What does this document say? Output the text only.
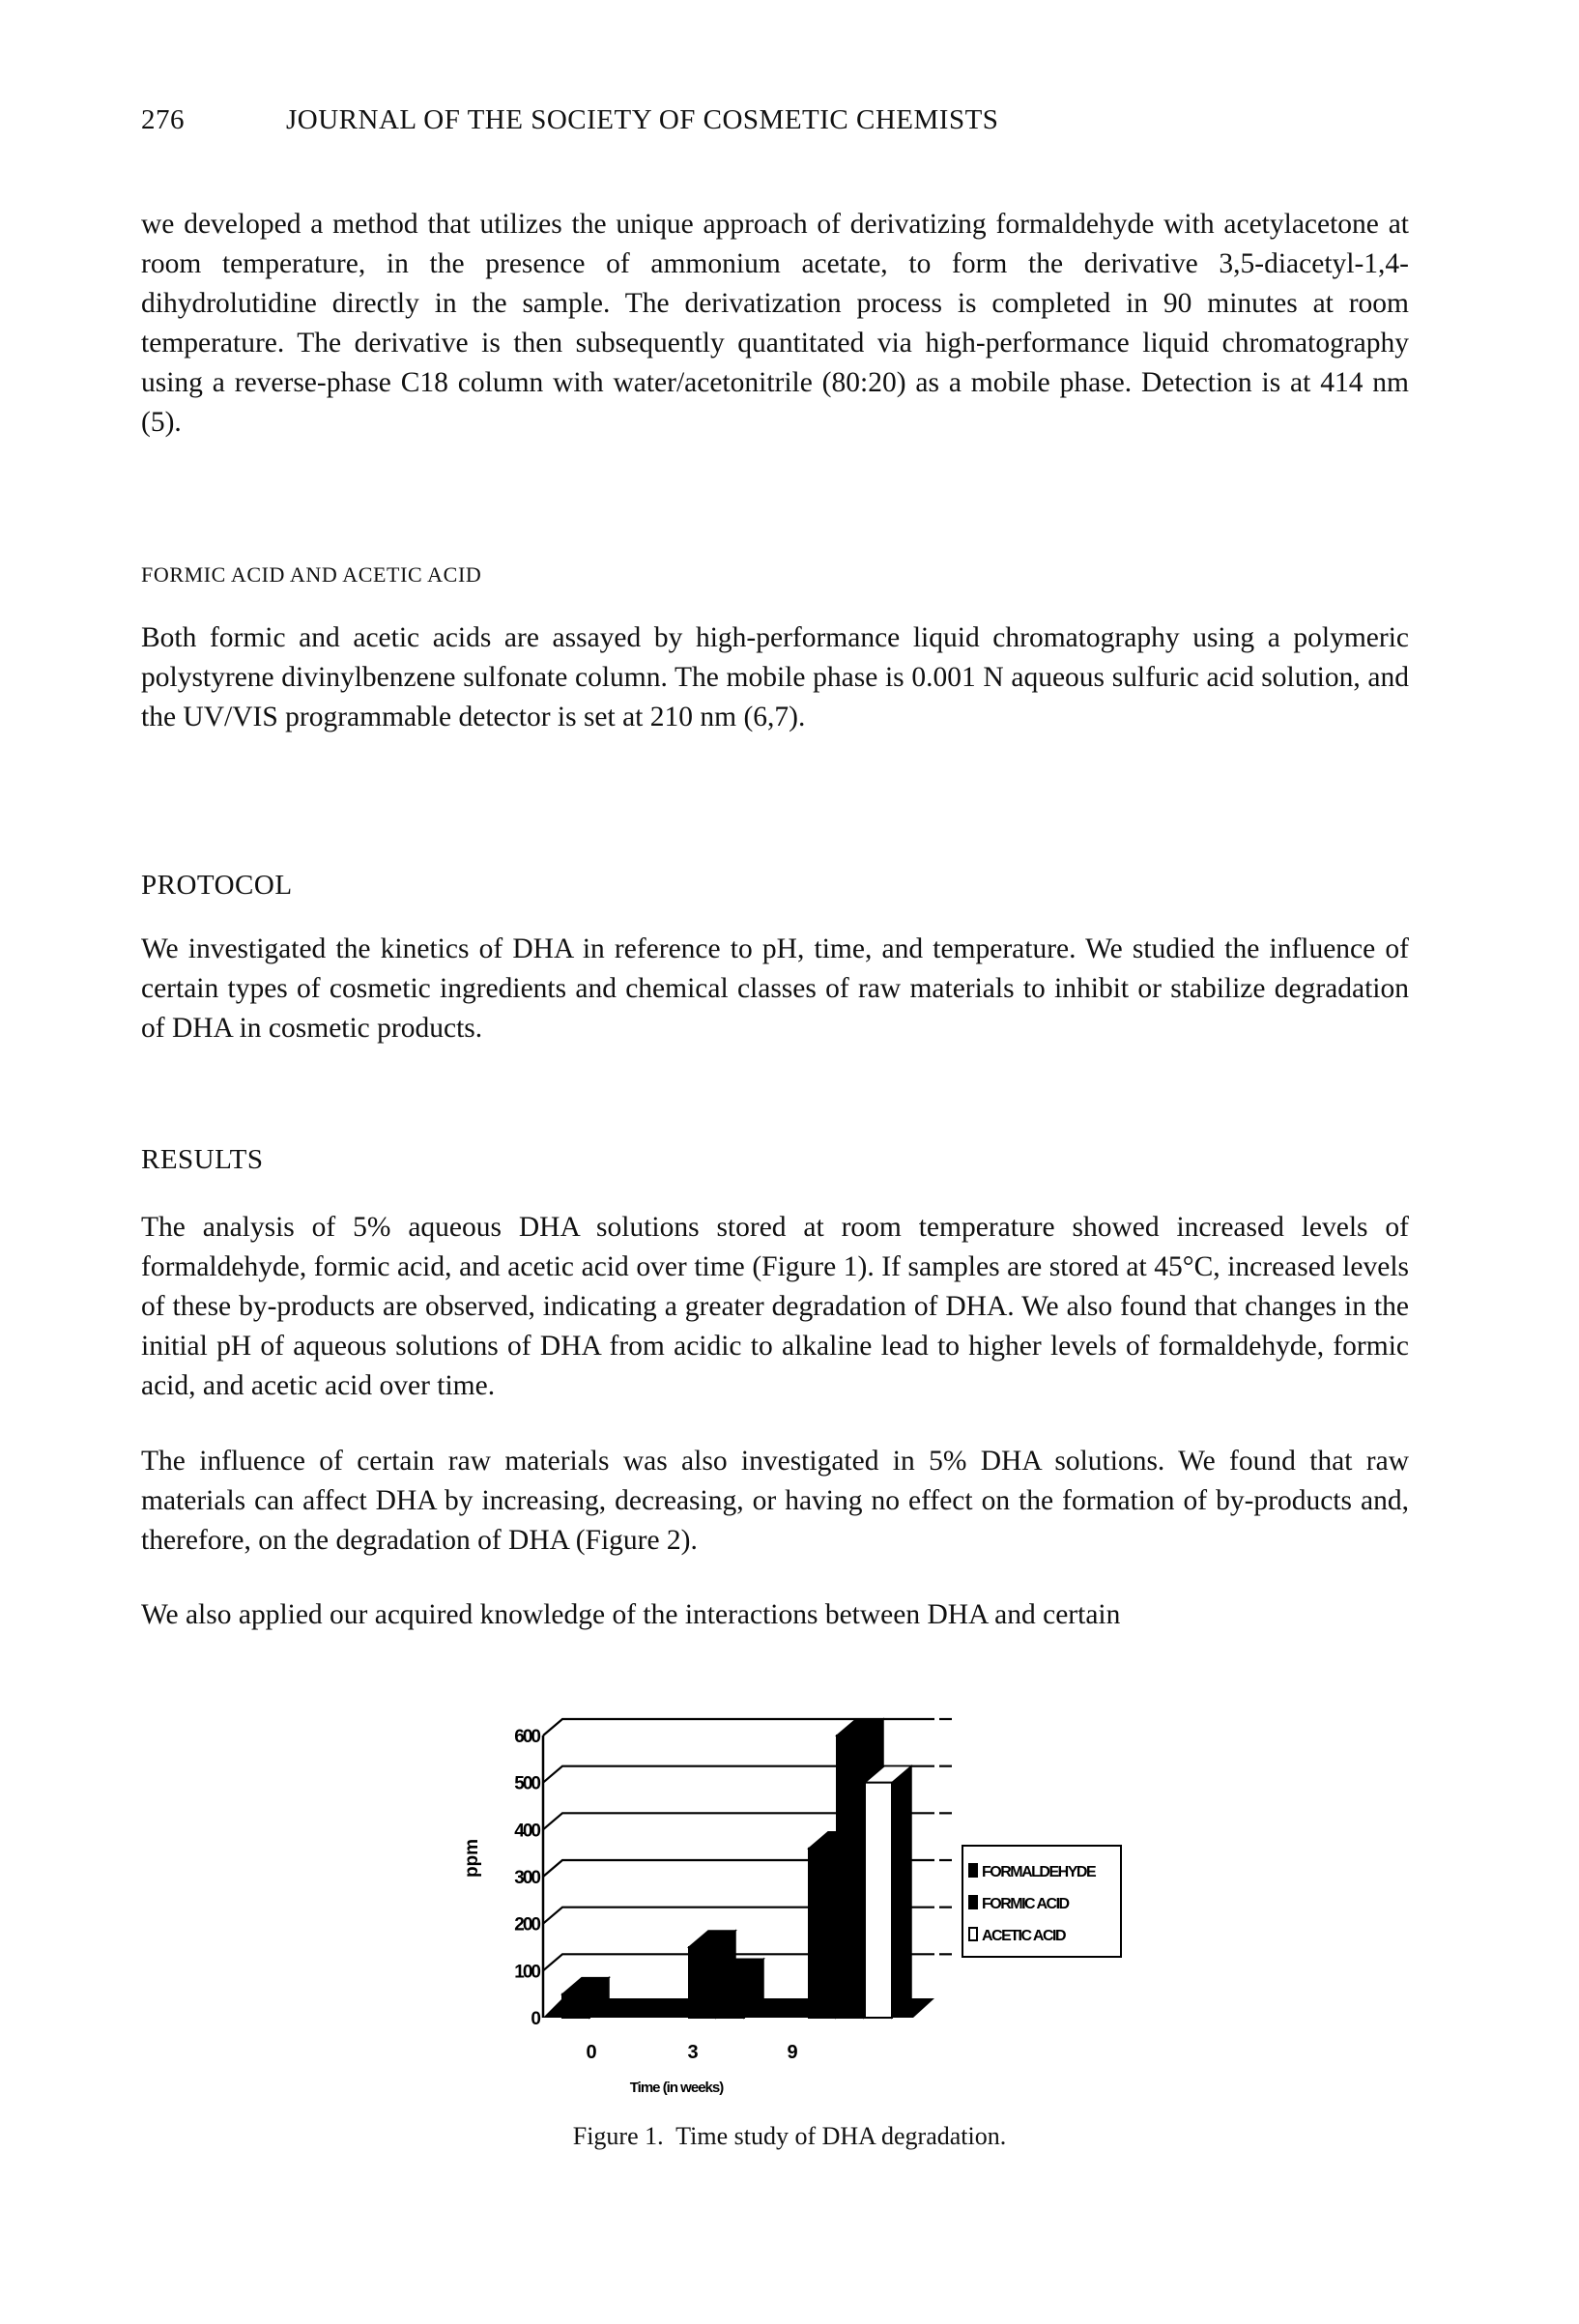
276	JOURNAL OF THE SOCIETY OF COSMETIC CHEMISTS

we developed a method that utilizes the unique approach of derivatizing formaldehyde with acetylacetone at room temperature, in the presence of ammonium acetate, to form the derivative 3,5-diacetyl-1,4-dihydrolutidine directly in the sample. The derivatization process is completed in 90 minutes at room temperature. The derivative is then subsequently quantitated via high-performance liquid chromatography using a reverse-phase C18 column with water/acetonitrile (80:20) as a mobile phase. Detection is at 414 nm (5).

FORMIC ACID AND ACETIC ACID

Both formic and acetic acids are assayed by high-performance liquid chromatography using a polymeric polystyrene divinylbenzene sulfonate column. The mobile phase is 0.001 N aqueous sulfuric acid solution, and the UV/VIS programmable detector is set at 210 nm (6,7).

PROTOCOL

We investigated the kinetics of DHA in reference to pH, time, and temperature. We studied the influence of certain types of cosmetic ingredients and chemical classes of raw materials to inhibit or stabilize degradation of DHA in cosmetic products.

RESULTS

The analysis of 5% aqueous DHA solutions stored at room temperature showed increased levels of formaldehyde, formic acid, and acetic acid over time (Figure 1). If samples are stored at 45°C, increased levels of these by-products are observed, indicating a greater degradation of DHA. We also found that changes in the initial pH of aqueous solutions of DHA from acidic to alkaline lead to higher levels of formaldehyde, formic acid, and acetic acid over time.

The influence of certain raw materials was also investigated in 5% DHA solutions. We found that raw materials can affect DHA by increasing, decreasing, or having no effect on the formation of by-products and, therefore, on the degradation of DHA (Figure 2).

We also applied our acquired knowledge of the interactions between DHA and certain

0
100
200
300
400
500
600
ppm
0	3	9
Time (in weeks)
FORMALDEHYDE
FORMIC ACID
ACETIC ACID
Figure 1. Time study of DHA degradation.
